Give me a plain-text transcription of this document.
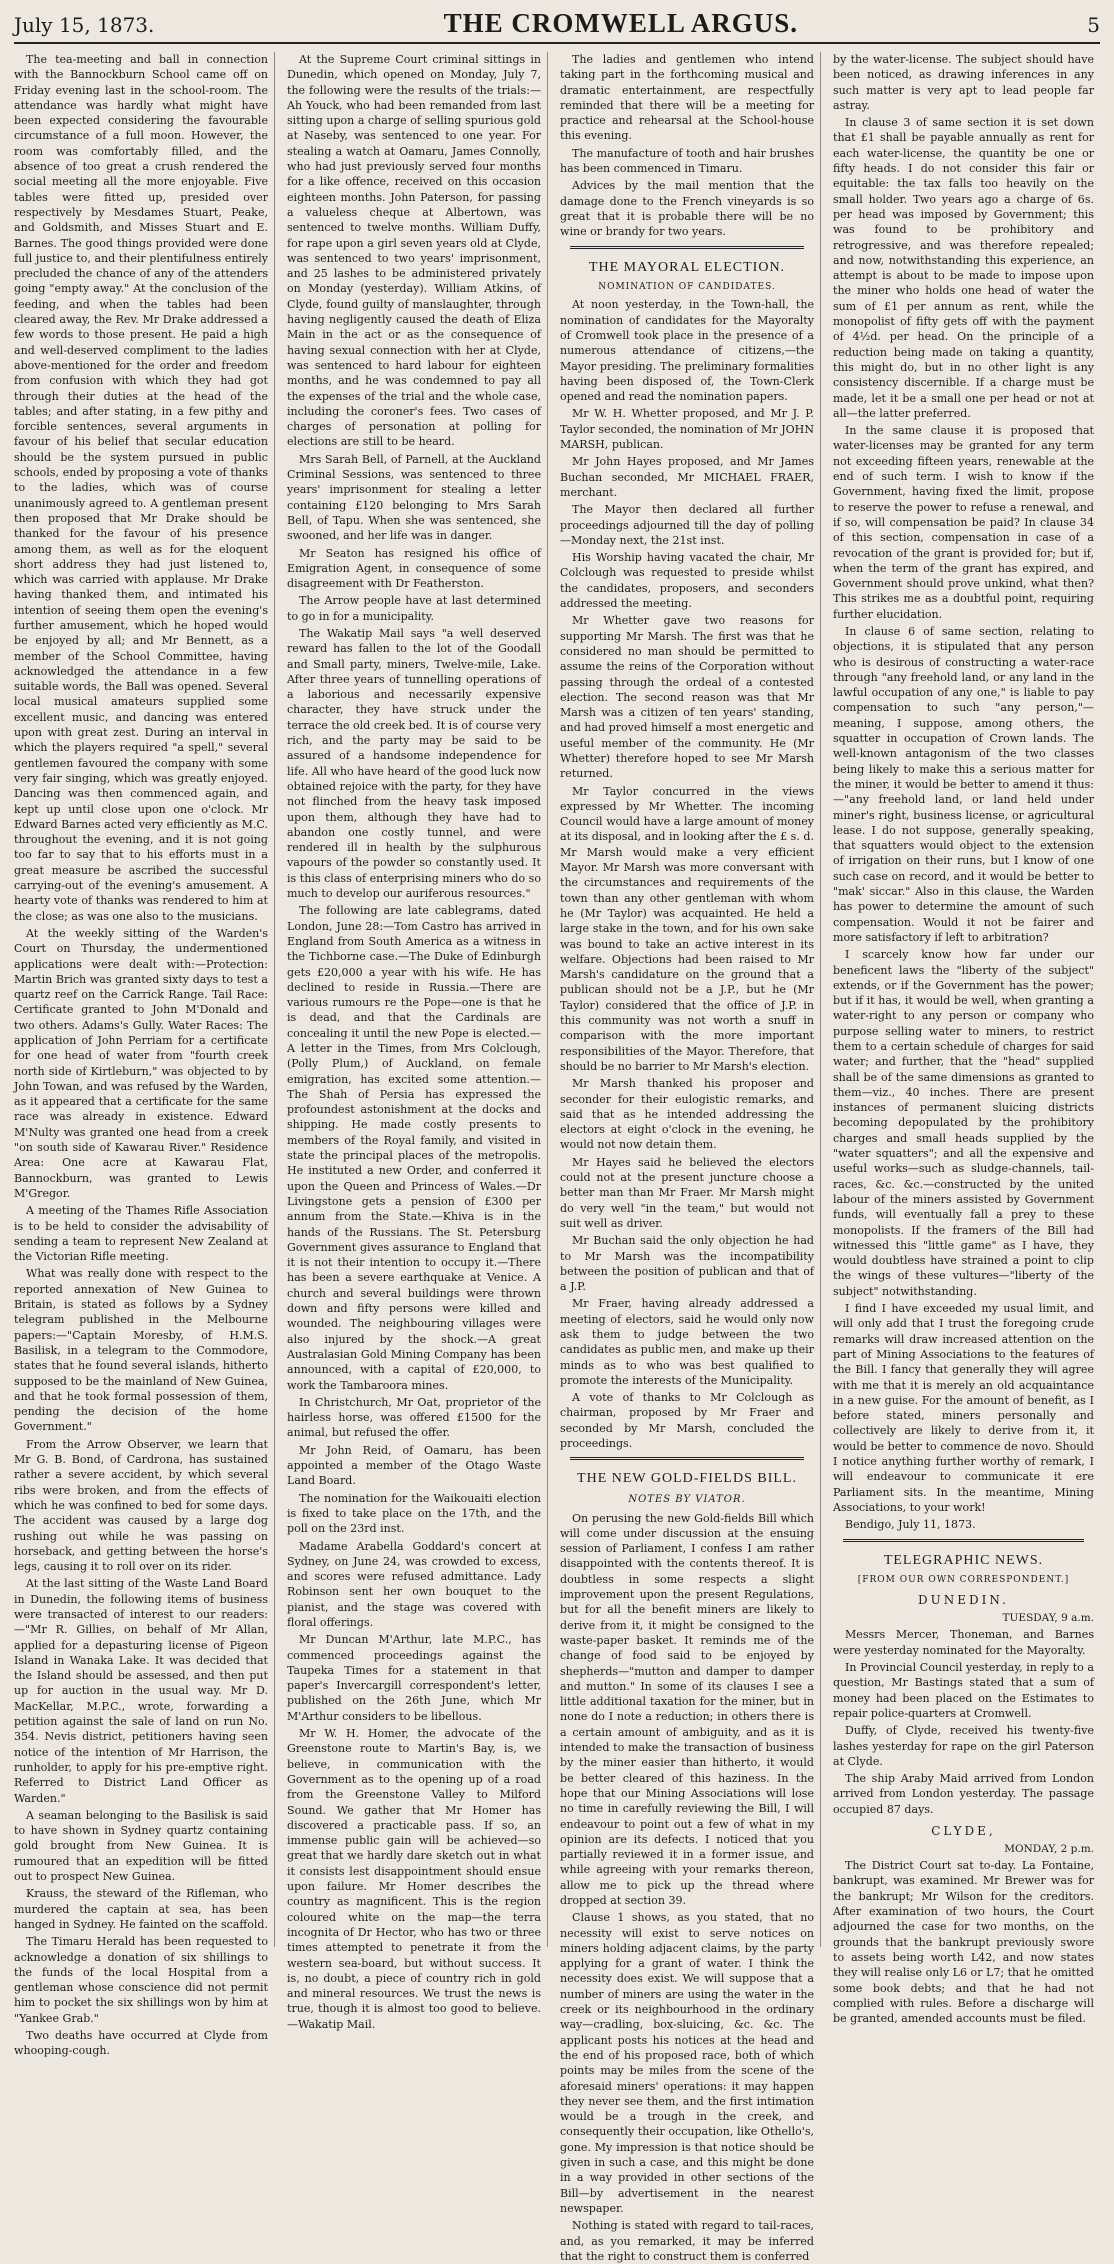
July 15, 1873.	THE CROMWELL ARGUS.	5

The tea-meeting and ball in connection with the Bannockburn School came off on Friday evening last in the school-room. The attendance was hardly what might have been expected considering the favourable circumstance of a full moon. However, the room was comfortably filled, and the absence of too great a crush rendered the social meeting all the more enjoyable. Five tables were fitted up, presided over respectively by Mesdames Stuart, Peake, and Goldsmith, and Misses Stuart and E. Barnes. The good things provided were done full justice to, and their plentifulness entirely precluded the chance of any of the attenders going "empty away." At the conclusion of the feeding, and when the tables had been cleared away, the Rev. Mr Drake addressed a few words to those present. He paid a high and well-deserved compliment to the ladies above-mentioned for the order and freedom from confusion with which they had got through their duties at the head of the tables; and after stating, in a few pithy and forcible sentences, several arguments in favour of his belief that secular education should be the system pursued in public schools, ended by proposing a vote of thanks to the ladies, which was of course unanimously agreed to. A gentleman present then proposed that Mr Drake should be thanked for the favour of his presence among them, as well as for the eloquent short address they had just listened to, which was carried with applause. Mr Drake having thanked them, and intimated his intention of seeing them open the evening's further amusement, which he hoped would be enjoyed by all; and Mr Bennett, as a member of the School Committee, having acknowledged the attendance in a few suitable words, the Ball was opened. Several local musical amateurs supplied some excellent music, and dancing was entered upon with great zest. During an interval in which the players required "a spell," several gentlemen favoured the company with some very fair singing, which was greatly enjoyed. Dancing was then commenced again, and kept up until close upon one o'clock. Mr Edward Barnes acted very efficiently as M.C. throughout the evening, and it is not going too far to say that to his efforts must in a great measure be ascribed the successful carrying-out of the evening's amusement. A hearty vote of thanks was rendered to him at the close; as was one also to the musicians.

At the weekly sitting of the Warden's Court on Thursday, the undermentioned applications were dealt with:—Protection: Martin Brich was granted sixty days to test a quartz reef on the Carrick Range. Tail Race: Certificate granted to John M'Donald and two others. Adams's Gully. Water Races: The application of John Perriam for a certificate for one head of water from "fourth creek north side of Kirtleburn," was objected to by John Towan, and was refused by the Warden, as it appeared that a certificate for the same race was already in existence. Edward M'Nulty was granted one head from a creek "on south side of Kawarau River." Residence Area: One acre at Kawarau Flat, Bannockburn, was granted to Lewis M'Gregor.

A meeting of the Thames Rifle Association is to be held to consider the advisability of sending a team to represent New Zealand at the Victorian Rifle meeting.

What was really done with respect to the reported annexation of New Guinea to Britain, is stated as follows by a Sydney telegram published in the Melbourne papers:—"Captain Moresby, of H.M.S. Basilisk, in a telegram to the Commodore, states that he found several islands, hitherto supposed to be the mainland of New Guinea, and that he took formal possession of them, pending the decision of the home Government."

From the Arrow Observer, we learn that Mr G. B. Bond, of Cardrona, has sustained rather a severe accident, by which several ribs were broken, and from the effects of which he was confined to bed for some days. The accident was caused by a large dog rushing out while he was passing on horseback, and getting between the horse's legs, causing it to roll over on its rider.

At the last sitting of the Waste Land Board in Dunedin, the following items of business were transacted of interest to our readers:—"Mr R. Gillies, on behalf of Mr Allan, applied for a depasturing license of Pigeon Island in Wanaka Lake. It was decided that the Island should be assessed, and then put up for auction in the usual way. Mr D. MacKellar, M.P.C., wrote, forwarding a petition against the sale of land on run No. 354. Nevis district, petitioners having seen notice of the intention of Mr Harrison, the runholder, to apply for his pre-emptive right. Referred to District Land Officer as Warden."

A seaman belonging to the Basilisk is said to have shown in Sydney quartz containing gold brought from New Guinea. It is rumoured that an expedition will be fitted out to prospect New Guinea.

Krauss, the steward of the Rifleman, who murdered the captain at sea, has been hanged in Sydney. He fainted on the scaffold.

The Timaru Herald has been requested to acknowledge a donation of six shillings to the funds of the local Hospital from a gentleman whose conscience did not permit him to pocket the six shillings won by him at "Yankee Grab."

Two deaths have occurred at Clyde from whooping-cough.

At the Supreme Court criminal sittings in Dunedin, which opened on Monday, July 7, the following were the results of the trials:—Ah Youck, who had been remanded from last sitting upon a charge of selling spurious gold at Naseby, was sentenced to one year. For stealing a watch at Oamaru, James Connolly, who had just previously served four months for a like offence, received on this occasion eighteen months. John Paterson, for passing a valueless cheque at Albertown, was sentenced to twelve months. William Duffy, for rape upon a girl seven years old at Clyde, was sentenced to two years' imprisonment, and 25 lashes to be administered privately on Monday (yesterday). William Atkins, of Clyde, found guilty of manslaughter, through having negligently caused the death of Eliza Main in the act or as the consequence of having sexual connection with her at Clyde, was sentenced to hard labour for eighteen months, and he was condemned to pay all the expenses of the trial and the whole case, including the coroner's fees. Two cases of charges of personation at polling for elections are still to be heard.

Mrs Sarah Bell, of Parnell, at the Auckland Criminal Sessions, was sentenced to three years' imprisonment for stealing a letter containing £120 belonging to Mrs Sarah Bell, of Tapu. When she was sentenced, she swooned, and her life was in danger.

Mr Seaton has resigned his office of Emigration Agent, in consequence of some disagreement with Dr Featherston.

The Arrow people have at last determined to go in for a municipality.

The Wakatip Mail says "a well deserved reward has fallen to the lot of the Goodall and Small party, miners, Twelve-mile, Lake. After three years of tunnelling operations of a laborious and necessarily expensive character, they have struck under the terrace the old creek bed. It is of course very rich, and the party may be said to be assured of a handsome independence for life. All who have heard of the good luck now obtained rejoice with the party, for they have not flinched from the heavy task imposed upon them, although they have had to abandon one costly tunnel, and were rendered ill in health by the sulphurous vapours of the powder so constantly used. It is this class of enterprising miners who do so much to develop our auriferous resources."

The following are late cablegrams, dated London, June 28:—Tom Castro has arrived in England from South America as a witness in the Tichborne case.—The Duke of Edinburgh gets £20,000 a year with his wife. He has declined to reside in Russia.—There are various rumours re the Pope—one is that he is dead, and that the Cardinals are concealing it until the new Pope is elected.—A letter in the Times, from Mrs Colclough, (Polly Plum,) of Auckland, on female emigration, has excited some attention.—The Shah of Persia has expressed the profoundest astonishment at the docks and shipping. He made costly presents to members of the Royal family, and visited in state the principal places of the metropolis. He instituted a new Order, and conferred it upon the Queen and Princess of Wales.—Dr Livingstone gets a pension of £300 per annum from the State.—Khiva is in the hands of the Russians. The St. Petersburg Government gives assurance to England that it is not their intention to occupy it.—There has been a severe earthquake at Venice. A church and several buildings were thrown down and fifty persons were killed and wounded. The neighbouring villages were also injured by the shock.—A great Australasian Gold Mining Company has been announced, with a capital of £20,000, to work the Tambaroora mines.

In Christchurch, Mr Oat, proprietor of the hairless horse, was offered £1500 for the animal, but refused the offer.

Mr John Reid, of Oamaru, has been appointed a member of the Otago Waste Land Board.

The nomination for the Waikouaiti election is fixed to take place on the 17th, and the poll on the 23rd inst.

Madame Arabella Goddard's concert at Sydney, on June 24, was crowded to excess, and scores were refused admittance. Lady Robinson sent her own bouquet to the pianist, and the stage was covered with floral offerings.

Mr Duncan M'Arthur, late M.P.C., has commenced proceedings against the Taupeka Times for a statement in that paper's Invercargill correspondent's letter, published on the 26th June, which Mr M'Arthur considers to be libellous.

Mr W. H. Homer, the advocate of the Greenstone route to Martin's Bay, is, we believe, in communication with the Government as to the opening up of a road from the Greenstone Valley to Milford Sound. We gather that Mr Homer has discovered a practicable pass. If so, an immense public gain will be achieved—so great that we hardly dare sketch out in what it consists lest disappointment should ensue upon failure. Mr Homer describes the country as magnificent. This is the region coloured white on the map—the terra incognita of Dr Hector, who has two or three times attempted to penetrate it from the western sea-board, but without success. It is, no doubt, a piece of country rich in gold and mineral resources. We trust the news is true, though it is almost too good to believe.—Wakatip Mail.

The ladies and gentlemen who intend taking part in the forthcoming musical and dramatic entertainment, are respectfully reminded that there will be a meeting for practice and rehearsal at the School-house this evening.

The manufacture of tooth and hair brushes has been commenced in Timaru.

Advices by the mail mention that the damage done to the French vineyards is so great that it is probable there will be no wine or brandy for two years.

THE MAYORAL ELECTION.
NOMINATION OF CANDIDATES.

At noon yesterday, in the Town-hall, the nomination of candidates for the Mayoralty of Cromwell took place in the presence of a numerous attendance of citizens,—the Mayor presiding. The preliminary formalities having been disposed of, the Town-Clerk opened and read the nomination papers.

Mr W. H. Whetter proposed, and Mr J. P. Taylor seconded, the nomination of Mr JOHN MARSH, publican.

Mr John Hayes proposed, and Mr James Buchan seconded, Mr MICHAEL FRAER, merchant.

The Mayor then declared all further proceedings adjourned till the day of polling—Monday next, the 21st inst.

His Worship having vacated the chair, Mr Colclough was requested to preside whilst the candidates, proposers, and seconders addressed the meeting.

Mr Whetter gave two reasons for supporting Mr Marsh. The first was that he considered no man should be permitted to assume the reins of the Corporation without passing through the ordeal of a contested election. The second reason was that Mr Marsh was a citizen of ten years' standing, and had proved himself a most energetic and useful member of the community. He (Mr Whetter) therefore hoped to see Mr Marsh returned.

Mr Taylor concurred in the views expressed by Mr Whetter. The incoming Council would have a large amount of money at its disposal, and in looking after the £ s. d. Mr Marsh would make a very efficient Mayor. Mr Marsh was more conversant with the circumstances and requirements of the town than any other gentleman with whom he (Mr Taylor) was acquainted. He held a large stake in the town, and for his own sake was bound to take an active interest in its welfare. Objections had been raised to Mr Marsh's candidature on the ground that a publican should not be a J.P., but he (Mr Taylor) considered that the office of J.P. in this community was not worth a snuff in comparison with the more important responsibilities of the Mayor. Therefore, that should be no barrier to Mr Marsh's election.

Mr Marsh thanked his proposer and seconder for their eulogistic remarks, and said that as he intended addressing the electors at eight o'clock in the evening, he would not now detain them.

Mr Hayes said he believed the electors could not at the present juncture choose a better man than Mr Fraer. Mr Marsh might do very well "in the team," but would not suit well as driver.

Mr Buchan said the only objection he had to Mr Marsh was the incompatibility between the position of publican and that of a J.P.

Mr Fraer, having already addressed a meeting of electors, said he would only now ask them to judge between the two candidates as public men, and make up their minds as to who was best qualified to promote the interests of the Municipality.

A vote of thanks to Mr Colclough as chairman, proposed by Mr Fraer and seconded by Mr Marsh, concluded the proceedings.

THE NEW GOLD-FIELDS BILL.
NOTES BY VIATOR.

On perusing the new Gold-fields Bill which will come under discussion at the ensuing session of Parliament, I confess I am rather disappointed with the contents thereof. It is doubtless in some respects a slight improvement upon the present Regulations, but for all the benefit miners are likely to derive from it, it might be consigned to the waste-paper basket. It reminds me of the change of food said to be enjoyed by shepherds—"mutton and damper to damper and mutton." In some of its clauses I see a little additional taxation for the miner, but in none do I note a reduction; in others there is a certain amount of ambiguity, and as it is intended to make the transaction of business by the miner easier than hitherto, it would be better cleared of this haziness. In the hope that our Mining Associations will lose no time in carefully reviewing the Bill, I will endeavour to point out a few of what in my opinion are its defects. I noticed that you partially reviewed it in a former issue, and while agreeing with your remarks thereon, allow me to pick up the thread where dropped at section 39.

Clause 1 shows, as you stated, that no necessity will exist to serve notices on miners holding adjacent claims, by the party applying for a grant of water. I think the necessity does exist. We will suppose that a number of miners are using the water in the creek or its neighbourhood in the ordinary way—cradling, box-sluicing, &c. &c. The applicant posts his notices at the head and the end of his proposed race, both of which points may be miles from the scene of the aforesaid miners' operations: it may happen they never see them, and the first intimation would be a trough in the creek, and consequently their occupation, like Othello's, gone. My impression is that notice should be given in such a case, and this might be done in a way provided in other sections of the Bill—by advertisement in the nearest newspaper.

Nothing is stated with regard to tail-races, and, as you remarked, it may be inferred that the right to construct them is conferred

by the water-license. The subject should have been noticed, as drawing inferences in any such matter is very apt to lead people far astray.

In clause 3 of same section it is set down that £1 shall be payable annually as rent for each water-license, the quantity be one or fifty heads. I do not consider this fair or equitable: the tax falls too heavily on the small holder. Two years ago a charge of 6s. per head was imposed by Government; this was found to be prohibitory and retrogressive, and was therefore repealed; and now, notwithstanding this experience, an attempt is about to be made to impose upon the miner who holds one head of water the sum of £1 per annum as rent, while the monopolist of fifty gets off with the payment of 4½d. per head. On the principle of a reduction being made on taking a quantity, this might do, but in no other light is any consistency discernible. If a charge must be made, let it be a small one per head or not at all—the latter preferred.

In the same clause it is proposed that water-licenses may be granted for any term not exceeding fifteen years, renewable at the end of such term. I wish to know if the Government, having fixed the limit, propose to reserve the power to refuse a renewal, and if so, will compensation be paid? In clause 34 of this section, compensation in case of a revocation of the grant is provided for; but if, when the term of the grant has expired, and Government should prove unkind, what then? This strikes me as a doubtful point, requiring further elucidation.

In clause 6 of same section, relating to objections, it is stipulated that any person who is desirous of constructing a water-race through "any freehold land, or any land in the lawful occupation of any one," is liable to pay compensation to such "any person,"—meaning, I suppose, among others, the squatter in occupation of Crown lands. The well-known antagonism of the two classes being likely to make this a serious matter for the miner, it would be better to amend it thus:—"any freehold land, or land held under miner's right, business license, or agricultural lease. I do not suppose, generally speaking, that squatters would object to the extension of irrigation on their runs, but I know of one such case on record, and it would be better to "mak' siccar." Also in this clause, the Warden has power to determine the amount of such compensation. Would it not be fairer and more satisfactory if left to arbitration?

I scarcely know how far under our beneficent laws the "liberty of the subject" extends, or if the Government has the power; but if it has, it would be well, when granting a water-right to any person or company who purpose selling water to miners, to restrict them to a certain schedule of charges for said water; and further, that the "head" supplied shall be of the same dimensions as granted to them—viz., 40 inches. There are present instances of permanent sluicing districts becoming depopulated by the prohibitory charges and small heads supplied by the "water squatters"; and all the expensive and useful works—such as sludge-channels, tail-races, &c. &c.—constructed by the united labour of the miners assisted by Government funds, will eventually fall a prey to these monopolists. If the framers of the Bill had witnessed this "little game" as I have, they would doubtless have strained a point to clip the wings of these vultures—"liberty of the subject" notwithstanding.

I find I have exceeded my usual limit, and will only add that I trust the foregoing crude remarks will draw increased attention on the part of Mining Associations to the features of the Bill. I fancy that generally they will agree with me that it is merely an old acquaintance in a new guise. For the amount of benefit, as I before stated, miners personally and collectively are likely to derive from it, it would be better to commence de novo. Should I notice anything further worthy of remark, I will endeavour to communicate it ere Parliament sits. In the meantime, Mining Associations, to your work!

Bendigo, July 11, 1873.

TELEGRAPHIC NEWS.
[FROM OUR OWN CORRESPONDENT.]
DUNEDIN.
TUESDAY, 9 a.m.

Messrs Mercer, Thoneman, and Barnes were yesterday nominated for the Mayoralty.

In Provincial Council yesterday, in reply to a question, Mr Bastings stated that a sum of money had been placed on the Estimates to repair police-quarters at Cromwell.

Duffy, of Clyde, received his twenty-five lashes yesterday for rape on the girl Paterson at Clyde.

The ship Araby Maid arrived from London arrived from London yesterday. The passage occupied 87 days.

CLYDE,
MONDAY, 2 p.m.

The District Court sat to-day. La Fontaine, bankrupt, was examined. Mr Brewer was for the bankrupt; Mr Wilson for the creditors. After examination of two hours, the Court adjourned the case for two months, on the grounds that the bankrupt previously swore to assets being worth L42, and now states they will realise only L6 or L7; that he omitted some book debts; and that he had not complied with rules. Before a discharge will be granted, amended accounts must be filed.
